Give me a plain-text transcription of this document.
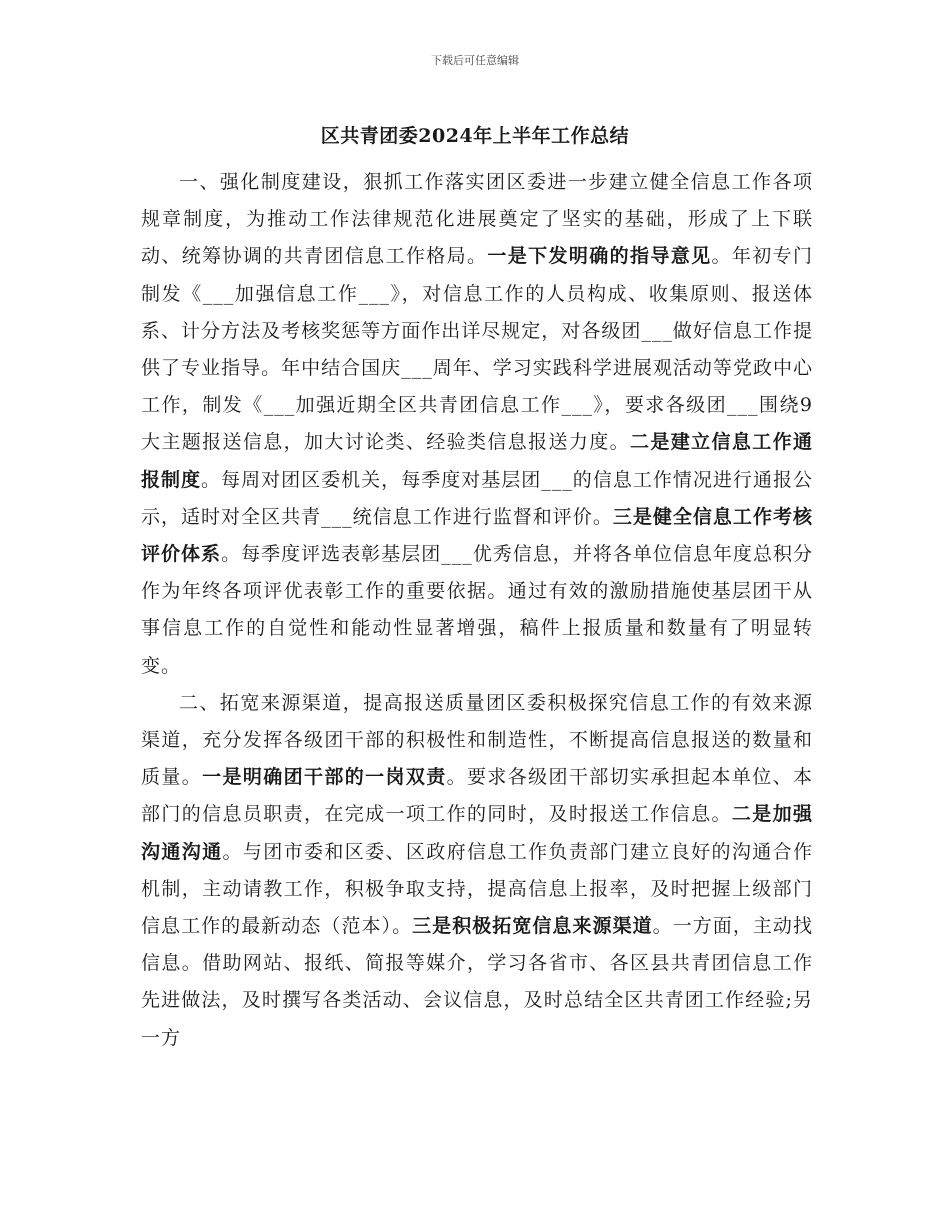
下载后可任意编辑
区共青团委2024年上半年工作总结

一、强化制度建设，狠抓工作落实团区委进一步建立健全信息工作各项规章制度，为推动工作法律规范化进展奠定了坚实的基础，形成了上下联动、统筹协调的共青团信息工作格局。一是下发明确的指导意见。年初专门制发《___加强信息工作___》，对信息工作的人员构成、收集原则、报送体系、计分方法及考核奖惩等方面作出详尽规定，对各级团___做好信息工作提供了专业指导。年中结合国庆___周年、学习实践科学进展观活动等党政中心工作，制发《___加强近期全区共青团信息工作___》，要求各级团___围绕9大主题报送信息，加大讨论类、经验类信息报送力度。二是建立信息工作通报制度。每周对团区委机关，每季度对基层团___的信息工作情况进行通报公示，适时对全区共青___统信息工作进行监督和评价。三是健全信息工作考核评价体系。每季度评选表彰基层团___优秀信息，并将各单位信息年度总积分作为年终各项评优表彰工作的重要依据。通过有效的激励措施使基层团干从事信息工作的自觉性和能动性显著增强，稿件上报质量和数量有了明显转变。

二、拓宽来源渠道，提高报送质量团区委积极探究信息工作的有效来源渠道，充分发挥各级团干部的积极性和制造性，不断提高信息报送的数量和质量。一是明确团干部的一岗双责。要求各级团干部切实承担起本单位、本部门的信息员职责，在完成一项工作的同时，及时报送工作信息。二是加强沟通沟通。与团市委和区委、区政府信息工作负责部门建立良好的沟通合作机制，主动请教工作，积极争取支持，提高信息上报率，及时把握上级部门信息工作的最新动态（范本）。三是积极拓宽信息来源渠道。一方面，主动找信息。借助网站、报纸、简报等媒介，学习各省市、各区县共青团信息工作先进做法，及时撰写各类活动、会议信息，及时总结全区共青团工作经验;另一方
